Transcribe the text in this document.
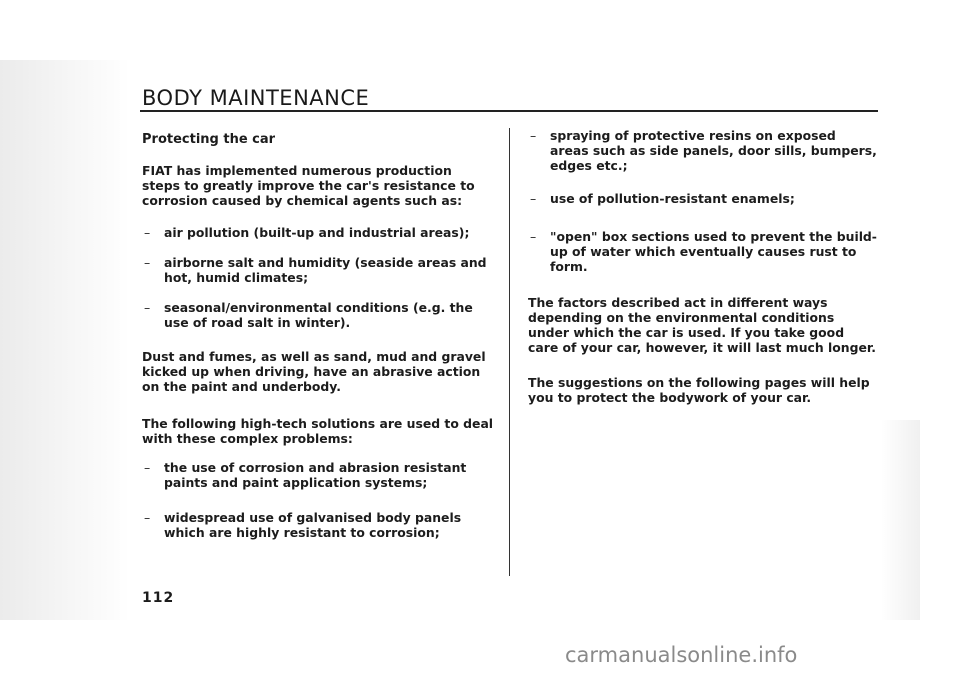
BODY MAINTENANCE
Protecting the car

FIAT has implemented numerous production steps to greatly improve the car's resistance to corrosion caused by chemical agents such as:

– air pollution (built-up and industrial areas);
– airborne salt and humidity (seaside areas and hot, humid climates;
– seasonal/environmental conditions (e.g. the use of road salt in winter).

Dust and fumes, as well as sand, mud and gravel kicked up when driving, have an abrasive action on the paint and underbody.

The following high-tech solutions are used to deal with these complex problems:

– the use of corrosion and abrasion resistant paints and paint application systems;
– widespread use of galvanised body panels which are highly resistant to corrosion;
– spraying of protective resins on exposed areas such as side panels, door sills, bumpers, edges etc.;
– use of pollution-resistant enamels;
– "open" box sections used to prevent the build-up of water which eventually causes rust to form.

The factors described act in different ways depending on the environmental conditions under which the car is used. If you take good care of your car, however, it will last much longer.

The suggestions on the following pages will help you to protect the bodywork of your car.

112
carmanualsonline.info
